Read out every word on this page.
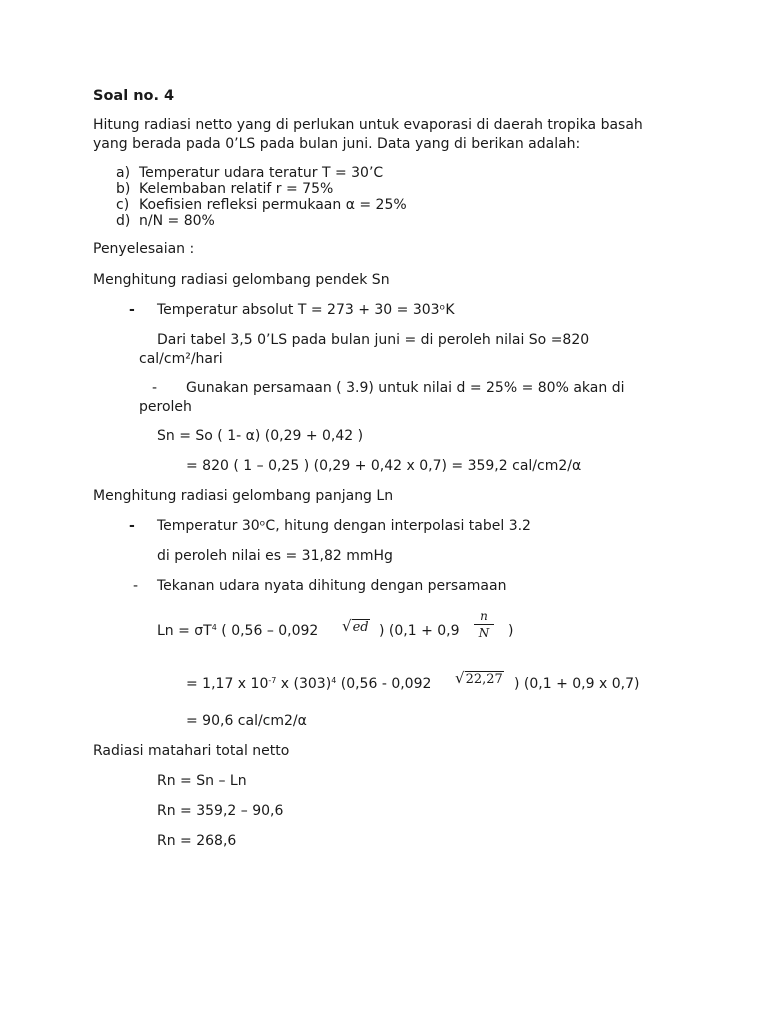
Soal no. 4
Hitung radiasi netto yang di perlukan untuk evaporasi di daerah tropika basah
yang berada pada 0’LS pada bulan juni. Data yang di berikan adalah:
a) Temperatur udara teratur T = 30’C
b) Kelembaban relatif r = 75%
c) Koefisien refleksi permukaan α = 25%
d) n/N = 80%
Penyelesaian :
Menghitung radiasi gelombang pendek Sn
- Temperatur absolut T = 273 + 30 = 303ᵒK
Dari tabel 3,5 0’LS pada bulan juni = di peroleh nilai So =820
cal/cm²/hari
- Gunakan persamaan ( 3.9) untuk nilai d = 25% = 80% akan di
peroleh
Sn = So ( 1- α) (0,29 + 0,42 )
= 820 ( 1 – 0,25 ) (0,29 + 0,42 x 0,7) = 359,2 cal/cm2/α
Menghitung radiasi gelombang panjang Ln
- Temperatur 30ᵒC, hitung dengan interpolasi tabel 3.2
di peroleh nilai es = 31,82 mmHg
- Tekanan udara nyata dihitung dengan persamaan
$Ln = \sigma T^4$ ( 0,56 – 0,092 √ed ) (0,1 + 0,9
n
N	)
= 1,17 x $10^{-7}$ x $(303)^4$ (0,56 - 0,092 √22,27 ) (0,1 + 0,9 x 0,7)
= 90,6 cal/cm2/α
Radiasi matahari total netto
Rn = Sn – Ln
Rn = 359,2 – 90,6
Rn = 268,6
